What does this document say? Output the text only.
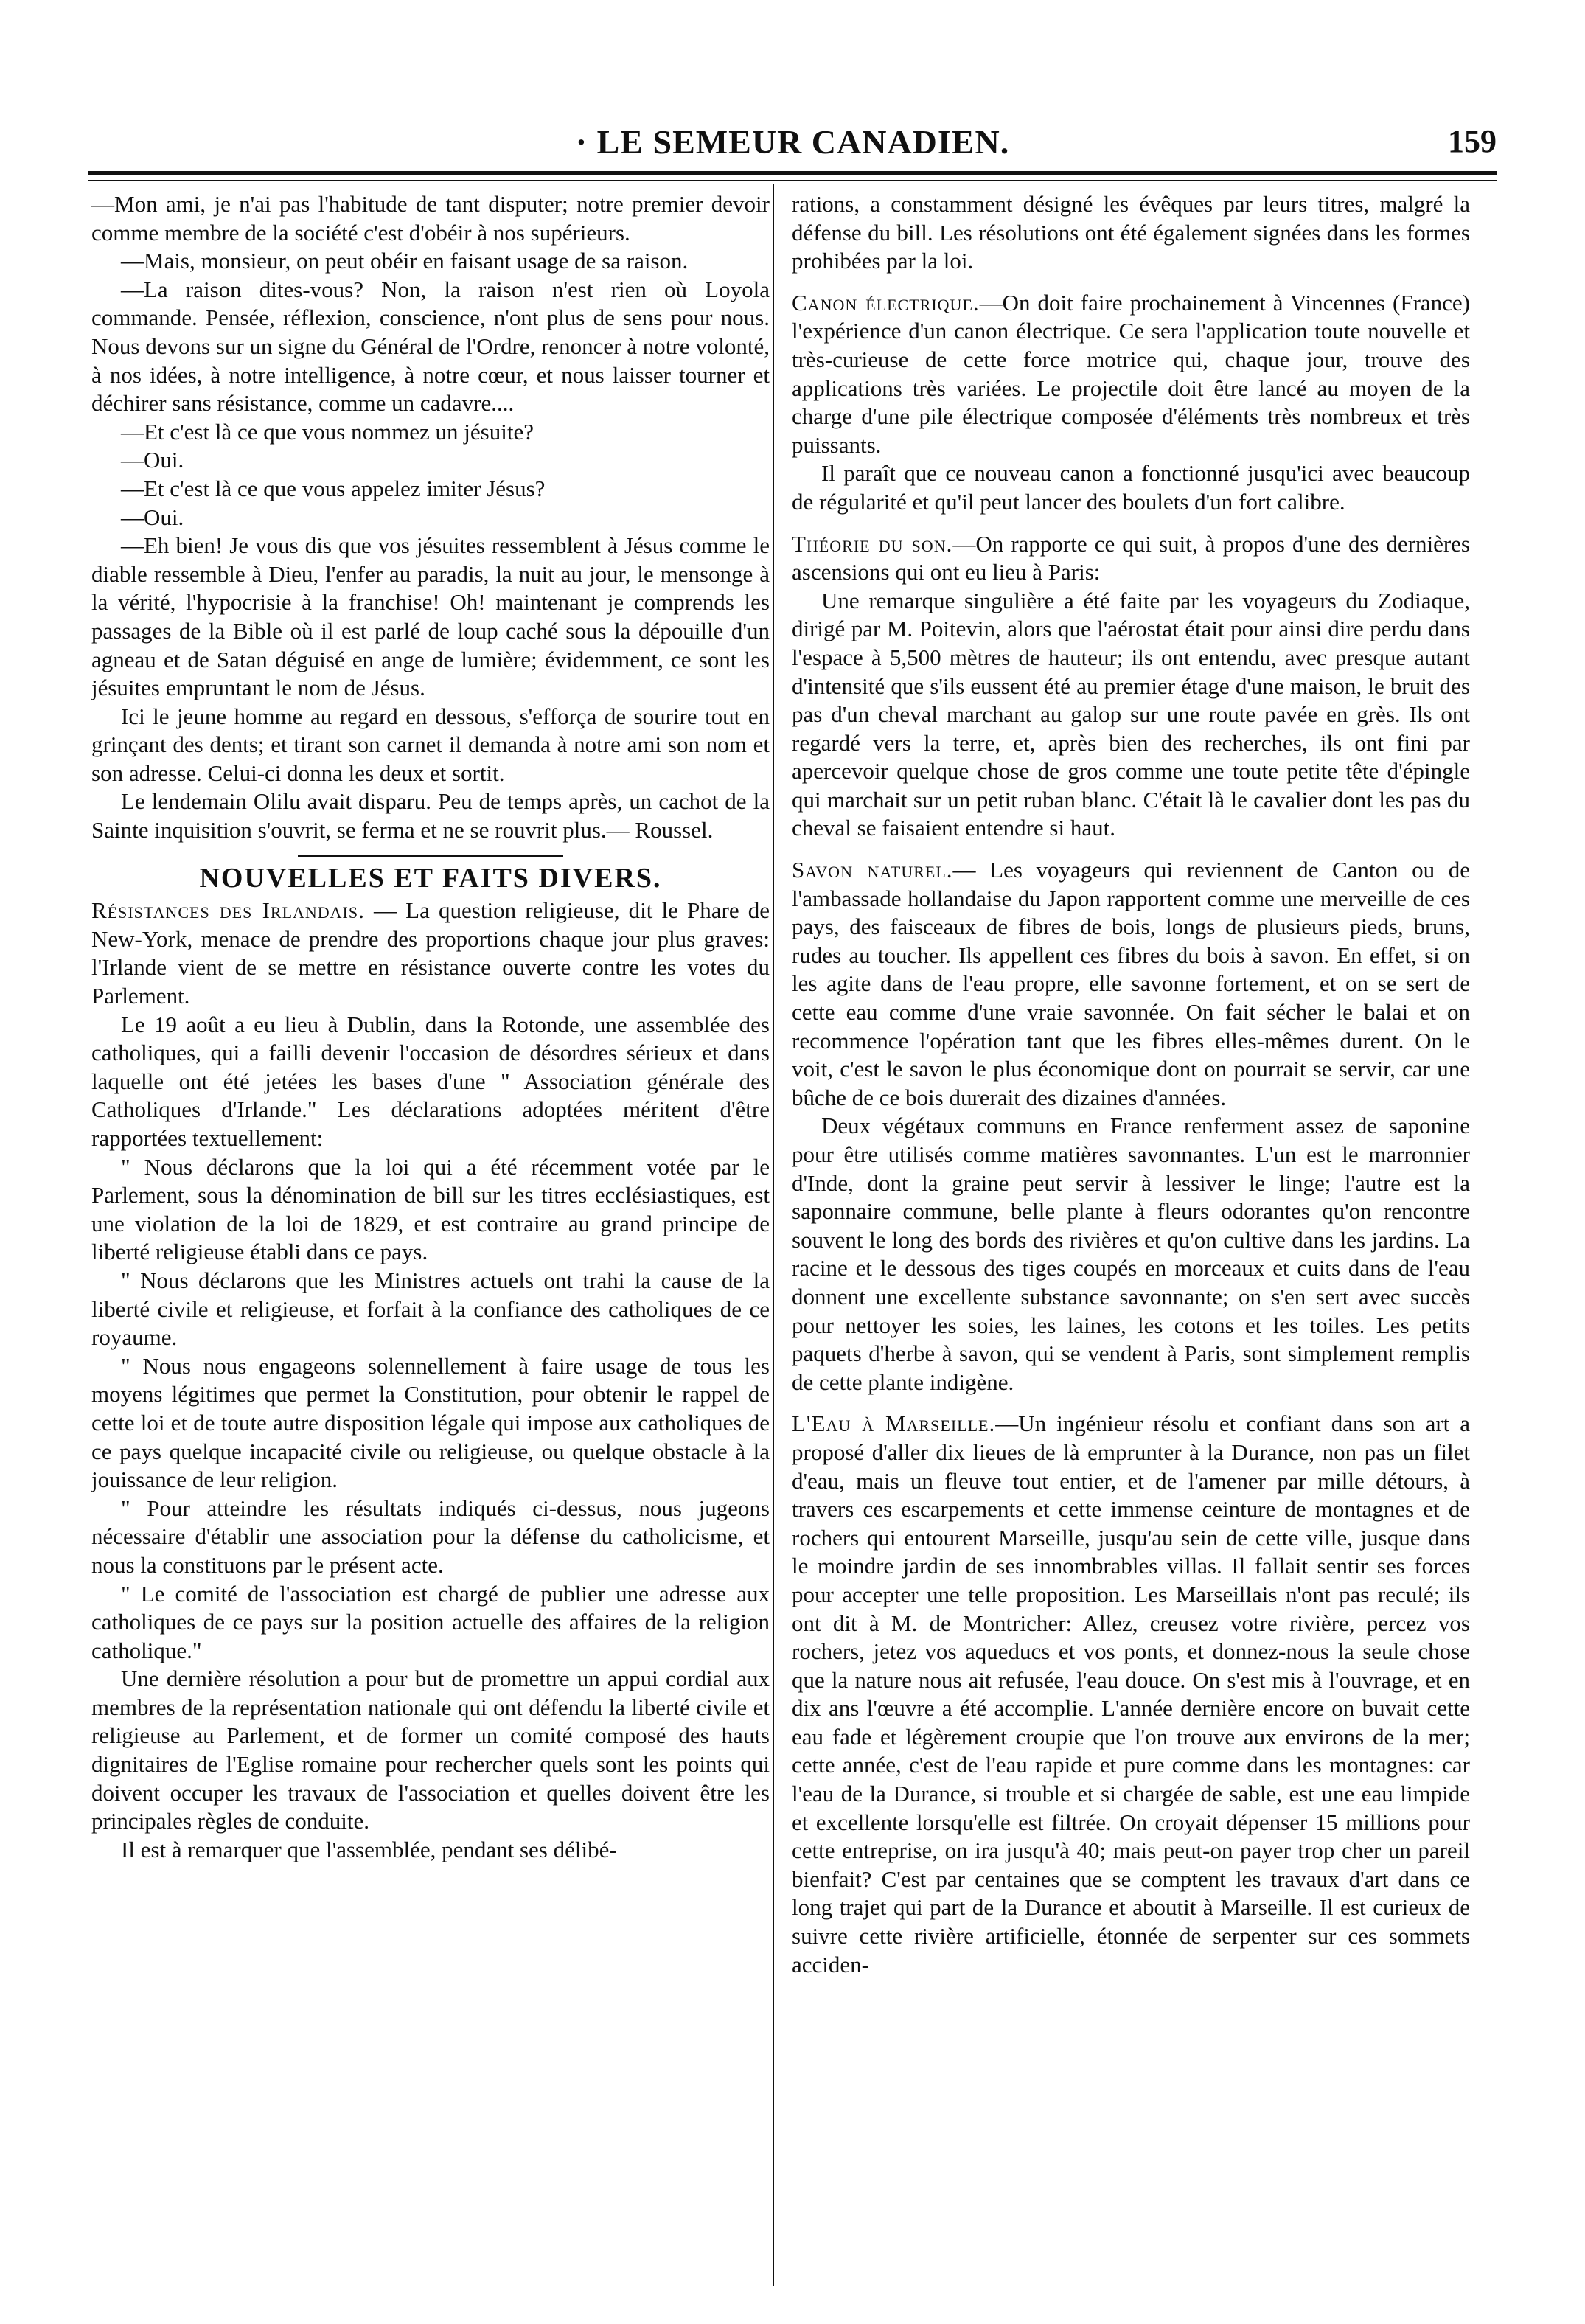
· LE SEMEUR CANADIEN.	159

—Mon ami, je n'ai pas l'habitude de tant disputer; notre premier devoir comme membre de la société c'est d'obéir à nos supérieurs.

—Mais, monsieur, on peut obéir en faisant usage de sa raison.

—La raison dites-vous? Non, la raison n'est rien où Loyola commande. Pensée, réflexion, conscience, n'ont plus de sens pour nous. Nous devons sur un signe du Général de l'Ordre, renoncer à notre volonté, à nos idées, à notre intelligence, à notre cœur, et nous laisser tourner et déchirer sans résistance, comme un cadavre....

—Et c'est là ce que vous nommez un jésuite?

—Oui.

—Et c'est là ce que vous appelez imiter Jésus?

—Oui.

—Eh bien! Je vous dis que vos jésuites ressemblent à Jésus comme le diable ressemble à Dieu, l'enfer au paradis, la nuit au jour, le mensonge à la vérité, l'hypocrisie à la franchise! Oh! maintenant je comprends les passages de la Bible où il est parlé de loup caché sous la dépouille d'un agneau et de Satan déguisé en ange de lumière; évidemment, ce sont les jésuites empruntant le nom de Jésus.

Ici le jeune homme au regard en dessous, s'efforça de sourire tout en grinçant des dents; et tirant son carnet il demanda à notre ami son nom et son adresse. Celui-ci donna les deux et sortit.

Le lendemain Olilu avait disparu. Peu de temps après, un cachot de la Sainte inquisition s'ouvrit, se ferma et ne se rouvrit plus.— Roussel.

NOUVELLES ET FAITS DIVERS.

Résistances des Irlandais. — La question religieuse, dit le Phare de New-York, menace de prendre des proportions chaque jour plus graves: l'Irlande vient de se mettre en résistance ouverte contre les votes du Parlement.

Le 19 août a eu lieu à Dublin, dans la Rotonde, une assemblée des catholiques, qui a failli devenir l'occasion de désordres sérieux et dans laquelle ont été jetées les bases d'une " Association générale des Catholiques d'Irlande." Les déclarations adoptées méritent d'être rapportées textuellement:

" Nous déclarons que la loi qui a été récemment votée par le Parlement, sous la dénomination de bill sur les titres ecclésiastiques, est une violation de la loi de 1829, et est contraire au grand principe de liberté religieuse établi dans ce pays.

" Nous déclarons que les Ministres actuels ont trahi la cause de la liberté civile et religieuse, et forfait à la confiance des catholiques de ce royaume.

" Nous nous engageons solennellement à faire usage de tous les moyens légitimes que permet la Constitution, pour obtenir le rappel de cette loi et de toute autre disposition légale qui impose aux catholiques de ce pays quelque incapacité civile ou religieuse, ou quelque obstacle à la jouissance de leur religion.

" Pour atteindre les résultats indiqués ci-dessus, nous jugeons nécessaire d'établir une association pour la défense du catholicisme, et nous la constituons par le présent acte.

" Le comité de l'association est chargé de publier une adresse aux catholiques de ce pays sur la position actuelle des affaires de la religion catholique."

Une dernière résolution a pour but de promettre un appui cordial aux membres de la représentation nationale qui ont défendu la liberté civile et religieuse au Parlement, et de former un comité composé des hauts dignitaires de l'Eglise romaine pour rechercher quels sont les points qui doivent occuper les travaux de l'association et quelles doivent être les principales règles de conduite.

Il est à remarquer que l'assemblée, pendant ses délibé-

rations, a constamment désigné les évêques par leurs titres, malgré la défense du bill. Les résolutions ont été également signées dans les formes prohibées par la loi.

Canon électrique.—On doit faire prochainement à Vincennes (France) l'expérience d'un canon électrique. Ce sera l'application toute nouvelle et très-curieuse de cette force motrice qui, chaque jour, trouve des applications très variées. Le projectile doit être lancé au moyen de la charge d'une pile électrique composée d'éléments très nombreux et très puissants.

Il paraît que ce nouveau canon a fonctionné jusqu'ici avec beaucoup de régularité et qu'il peut lancer des boulets d'un fort calibre.

Théorie du son.—On rapporte ce qui suit, à propos d'une des dernières ascensions qui ont eu lieu à Paris:

Une remarque singulière a été faite par les voyageurs du Zodiaque, dirigé par M. Poitevin, alors que l'aérostat était pour ainsi dire perdu dans l'espace à 5,500 mètres de hauteur; ils ont entendu, avec presque autant d'intensité que s'ils eussent été au premier étage d'une maison, le bruit des pas d'un cheval marchant au galop sur une route pavée en grès. Ils ont regardé vers la terre, et, après bien des recherches, ils ont fini par apercevoir quelque chose de gros comme une toute petite tête d'épingle qui marchait sur un petit ruban blanc. C'était là le cavalier dont les pas du cheval se faisaient entendre si haut.

Savon naturel.— Les voyageurs qui reviennent de Canton ou de l'ambassade hollandaise du Japon rapportent comme une merveille de ces pays, des faisceaux de fibres de bois, longs de plusieurs pieds, bruns, rudes au toucher. Ils appellent ces fibres du bois à savon. En effet, si on les agite dans de l'eau propre, elle savonne fortement, et on se sert de cette eau comme d'une vraie savonnée. On fait sécher le balai et on recommence l'opération tant que les fibres elles-mêmes durent. On le voit, c'est le savon le plus économique dont on pourrait se servir, car une bûche de ce bois durerait des dizaines d'années.

Deux végétaux communs en France renferment assez de saponine pour être utilisés comme matières savonnantes. L'un est le marronnier d'Inde, dont la graine peut servir à lessiver le linge; l'autre est la saponnaire commune, belle plante à fleurs odorantes qu'on rencontre souvent le long des bords des rivières et qu'on cultive dans les jardins. La racine et le dessous des tiges coupés en morceaux et cuits dans de l'eau donnent une excellente substance savonnante; on s'en sert avec succès pour nettoyer les soies, les laines, les cotons et les toiles. Les petits paquets d'herbe à savon, qui se vendent à Paris, sont simplement remplis de cette plante indigène.

L'Eau à Marseille.—Un ingénieur résolu et confiant dans son art a proposé d'aller dix lieues de là emprunter à la Durance, non pas un filet d'eau, mais un fleuve tout entier, et de l'amener par mille détours, à travers ces escarpements et cette immense ceinture de montagnes et de rochers qui entourent Marseille, jusqu'au sein de cette ville, jusque dans le moindre jardin de ses innombrables villas. Il fallait sentir ses forces pour accepter une telle proposition. Les Marseillais n'ont pas reculé; ils ont dit à M. de Montricher: Allez, creusez votre rivière, percez vos rochers, jetez vos aqueducs et vos ponts, et donnez-nous la seule chose que la nature nous ait refusée, l'eau douce. On s'est mis à l'ouvrage, et en dix ans l'œuvre a été accomplie. L'année dernière encore on buvait cette eau fade et légèrement croupie que l'on trouve aux environs de la mer; cette année, c'est de l'eau rapide et pure comme dans les montagnes: car l'eau de la Durance, si trouble et si chargée de sable, est une eau limpide et excellente lorsqu'elle est filtrée. On croyait dépenser 15 millions pour cette entreprise, on ira jusqu'à 40; mais peut-on payer trop cher un pareil bienfait? C'est par centaines que se comptent les travaux d'art dans ce long trajet qui part de la Durance et aboutit à Marseille. Il est curieux de suivre cette rivière artificielle, étonnée de serpenter sur ces sommets acciden-
